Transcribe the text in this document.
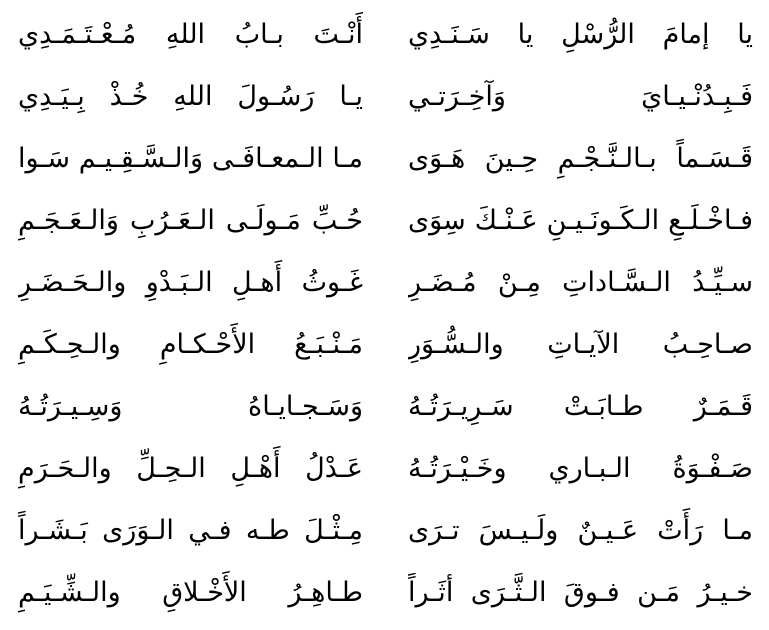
يا إمامَ الرُّسْلِ يا سَـنَـدِي
أَنْـتَ بـابُ اللهِ مُـعْـتَـمَـدِي
فَـبِـدُنْـيـايَ وَآخِـرَتـي
يـا رَسُـولَ اللهِ خُـذْ بِـيَـدِي
قَـسَـماً بـالـنَّـجْـمِ حِـينَ هَـوَى
مـا الـمعـافَـى وَالـسَّـقِـيـم سَـوا
فـاخْـلَـعِ الـكَـونَـيـنِ عَـنْـكَ سِوَى
حُـبِّ مَـولَـى الـعَـرُبِ وَالـعَـجَـمِ
سـيِّـدُ الـسَّـاداتِ مِـنْ مُـضَـرِ
غَـوثُ أَهـلِ الـبَـدْوِ والـحَـضَـرِ
صـاحِـبُ الآيـاتِ والـسُّـوَرِ
مَـنْـبَـعُ الأَحْـكـامِ والـحِـكَـمِ
قَـمَـرٌ طـابَـتْ سَـرِيـرَتُـهُ
وَسَـجـايـاهُ وَسِـيـرَتُـهُ
صَـفْـوَةُ الـبـاري وخَـيْـرَتُـهُ
عَـدْلُ أَهْـلِ الـحِـلِّ والـحَـرَمِ
مـا رَأَتْ عَـيـنٌ ولَـيـسَ تـرَى
مِـثْـلَ طـه فـي الـوَرَى بَـشَـراً
خـيـرُ مَـن فـوقَ الـثَّـرَى أثَـراً
طـاهِـرُ الأَخْـلاقِ والـشِّـيَـمِ
